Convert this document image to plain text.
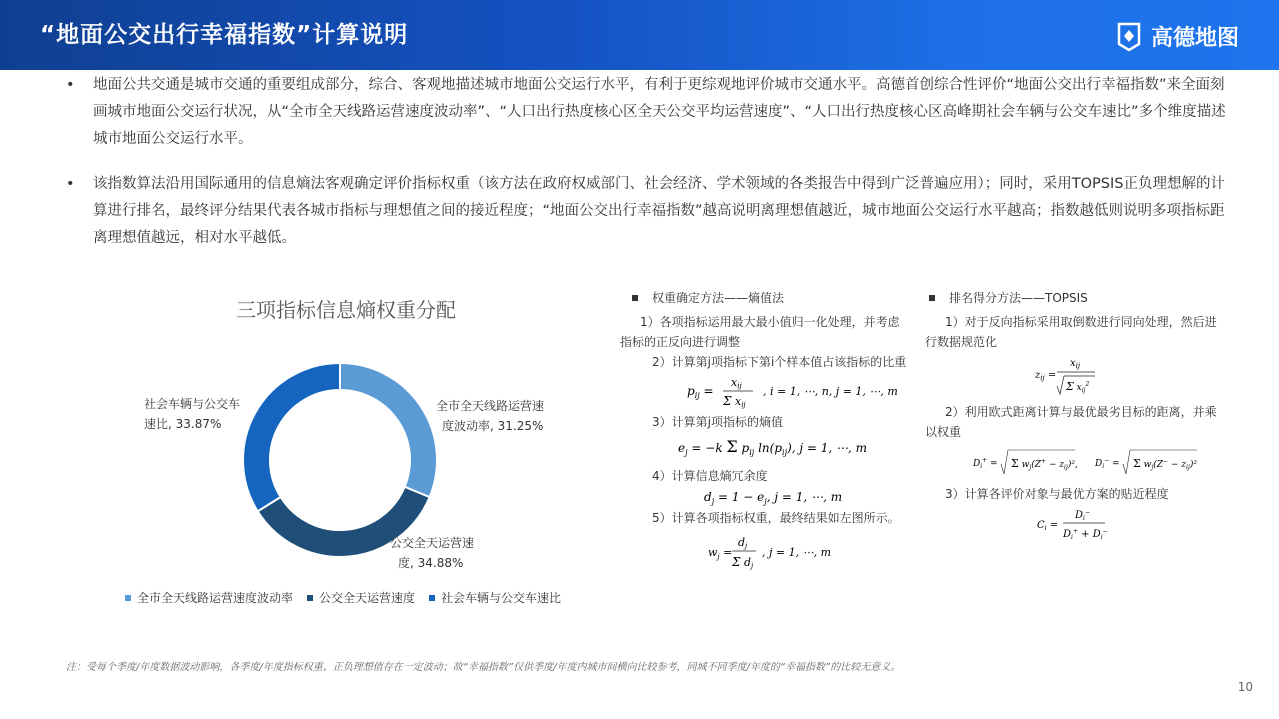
“地面公交出行幸福指数”计算说明	高德地图
• 地面公共交通是城市交通的重要组成部分，综合、客观地描述城市地面公交运行水平，有利于更综观地评价城市交通水平。高德首创综合性评价“地面公交出行幸福指数”来全面刻画城市地面公交运行状况，从“全市全天线路运营速度波动率”、“人口出行热度核心区全天公交平均运营速度”、“人口出行热度核心区高峰期社会车辆与公交车速比”多个维度描述城市地面公交运行水平。
• 该指数算法沿用国际通用的信息熵法客观确定评价指标权重（该方法在政府权威部门、社会经济、学术领域的各类报告中得到广泛普遍应用）；同时，采用TOPSIS正负理想解的计算进行排名，最终评分结果代表各城市指标与理想值之间的接近程度；“地面公交出行幸福指数”越高说明离理想值越近，城市地面公交运行水平越高；指数越低则说明多项指标距离理想值越远，相对水平越低。
三项指标信息熵权重分配
全市全天线路运营速
度波动率, 31.25%
公交全天运营速
度, 34.88%
社会车辆与公交车
速比, 33.87%
全市全天线路运营速度波动率 公交全天运营速度 社会车辆与公交车速比
权重确定方法——熵值法
1）各项指标运用最大最小值归一化处理，并考虑
指标的正反向进行调整
2）计算第j项指标下第i个样本值占该指标的比重
$p_{ij}$ =
xij
Σ xij
, i = 1, ⋯, n, j = 1, ⋯, m
3）计算第j项指标的熵值
$e_j = -k$ Σ $p_{ij}$ $\ln(p_{ij})$, j = 1, ⋯, m
4）计算信息熵冗余度
$d_j = 1 - e_j$, j = 1, ⋯, m
5）计算各项指标权重，最终结果如左图所示。
$w_j$ =
dj
Σ dj
, j = 1, ⋯, m
排名得分方法——TOPSIS
1）对于反向指标采用取倒数进行同向处理，然后进
行数据规范化
$z_{ij}$ =
$x_{ij}$
Σ xij$^2$
2）利用欧式距离计算与最优最劣目标的距离，并乘
以权重
$D_i^+ = \Sigma$ $w_j(Z^+ - z_{ij})^2$, $D_i^- = \Sigma$ $w_j(Z^- - z_{ij})^2$
3）计算各评价对象与最优方案的贴近程度
$C_i$ =
$D_i^-$
$D_i^+ + D_i^-$
注：受每个季度/年度数据波动影响，各季度/年度指标权重、正负理想值存在一定波动；故“幸福指数”仅供季度/年度内城市间横向比较参考，同城不同季度/年度的“幸福指数”的比较无意义。
10
